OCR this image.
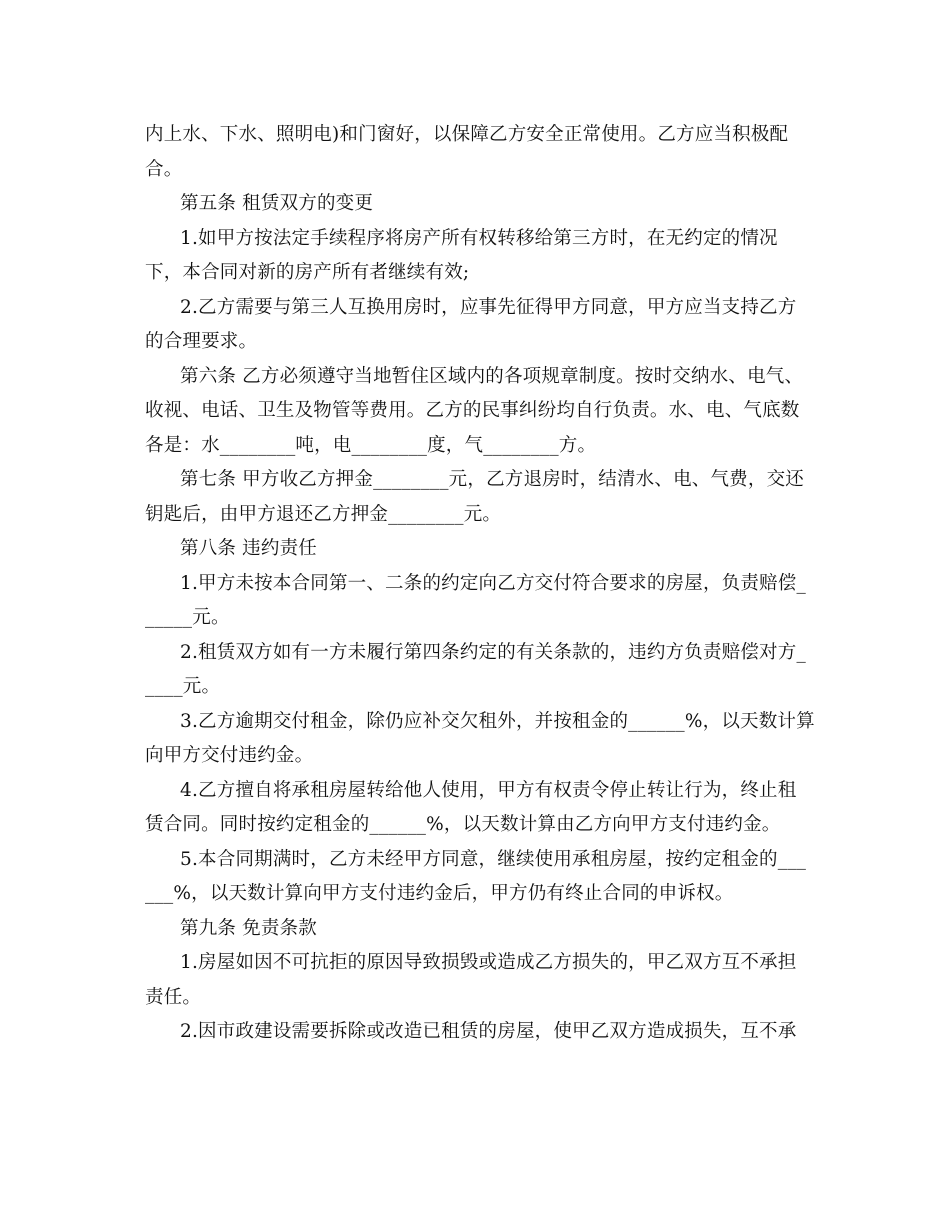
内上水、下水、照明电)和门窗好，以保障乙方安全正常使用。乙方应当积极配合。

第五条 租赁双方的变更

1.如甲方按法定手续程序将房产所有权转移给第三方时，在无约定的情况下，本合同对新的房产所有者继续有效;

2.乙方需要与第三人互换用房时，应事先征得甲方同意，甲方应当支持乙方的合理要求。

第六条 乙方必须遵守当地暂住区域内的各项规章制度。按时交纳水、电气、收视、电话、卫生及物管等费用。乙方的民事纠纷均自行负责。水、电、气底数各是：水________吨，电________度，气________方。

第七条 甲方收乙方押金________元，乙方退房时，结清水、电、气费，交还钥匙后，由甲方退还乙方押金________元。

第八条 违约责任

1.甲方未按本合同第一、二条的约定向乙方交付符合要求的房屋，负责赔偿______元。

2.租赁双方如有一方未履行第四条约定的有关条款的，违约方负责赔偿对方_____元。

3.乙方逾期交付租金，除仍应补交欠租外，并按租金的______%，以天数计算向甲方交付违约金。

4.乙方擅自将承租房屋转给他人使用，甲方有权责令停止转让行为，终止租赁合同。同时按约定租金的______%，以天数计算由乙方向甲方支付违约金。

5.本合同期满时，乙方未经甲方同意，继续使用承租房屋，按约定租金的______%，以天数计算向甲方支付违约金后，甲方仍有终止合同的申诉权。

第九条 免责条款

1.房屋如因不可抗拒的原因导致损毁或造成乙方损失的，甲乙双方互不承担责任。

2.因市政建设需要拆除或改造已租赁的房屋，使甲乙双方造成损失，互不承
